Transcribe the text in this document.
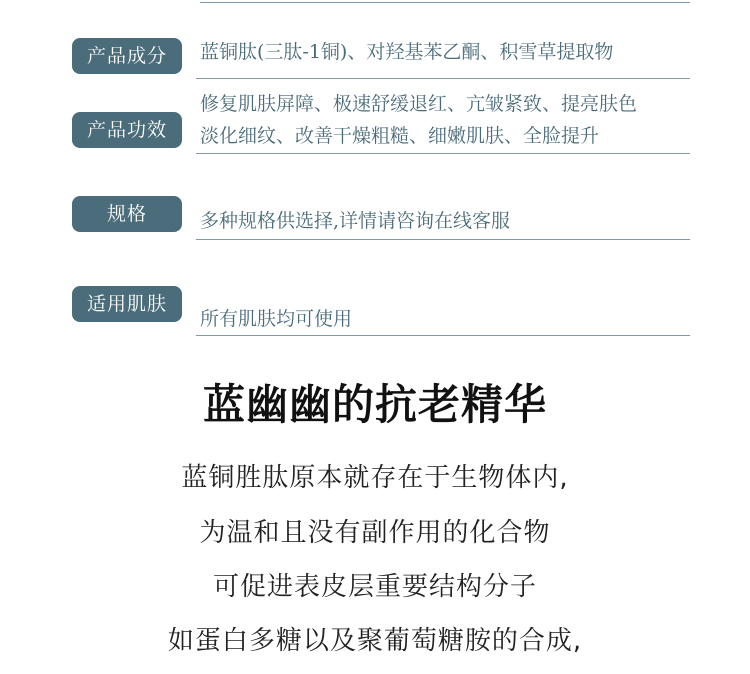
产品成分	蓝铜肽(三肽-1铜)、对羟基苯乙酮、积雪草提取物
产品功效
修复肌肤屏障、极速舒缓退红、亢皱紧致、提亮肤色
淡化细纹、改善干燥粗糙、细嫩肌肤、全脸提升
规格	多种规格供选择,详情请咨询在线客服
适用肌肤
所有肌肤均可使用
蓝幽幽的抗老精华
蓝铜胜肽原本就存在于生物体内,
为温和且没有副作用的化合物
可促进表皮层重要结构分子
如蛋白多糖以及聚葡萄糖胺的合成,
